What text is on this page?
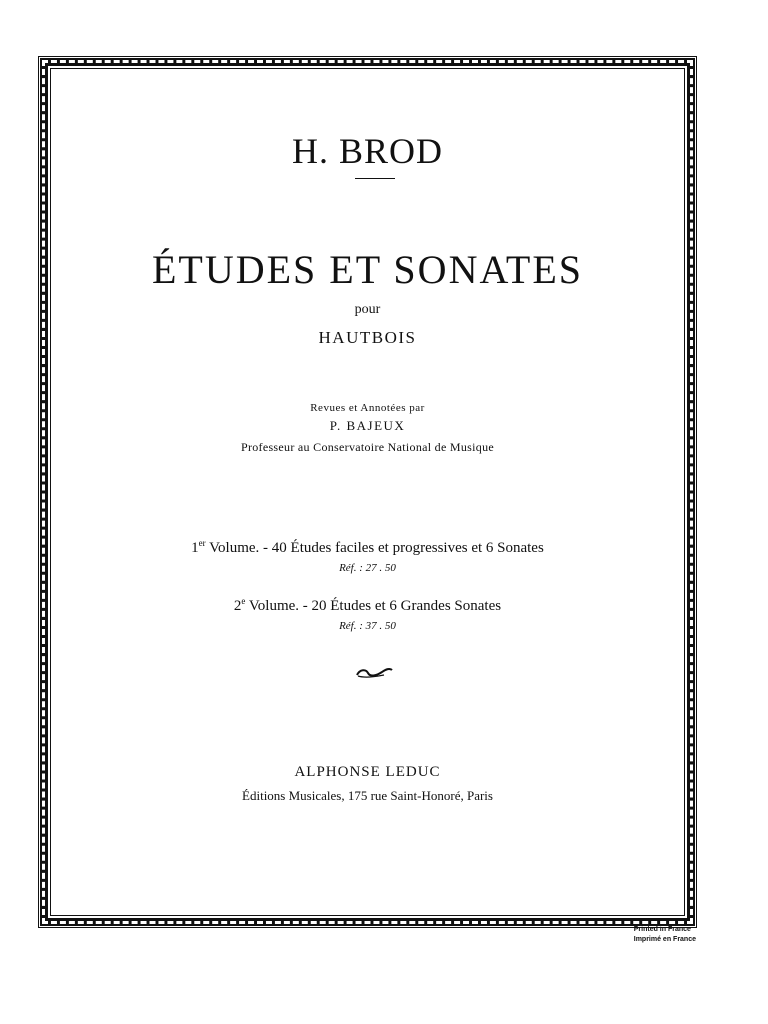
H. BROD
ÉTUDES ET SONATES
pour
HAUTBOIS
Revues et Annotées par
P. BAJEUX
Professeur au Conservatoire National de Musique
1er Volume. - 40 Études faciles et progressives et 6 Sonates
Réf. : 27 . 50
2e Volume. - 20 Études et 6 Grandes Sonates
Réf. : 37 . 50
ALPHONSE LEDUC
Éditions Musicales, 175 rue Saint-Honoré, Paris
Printed in France
Imprimé en France
